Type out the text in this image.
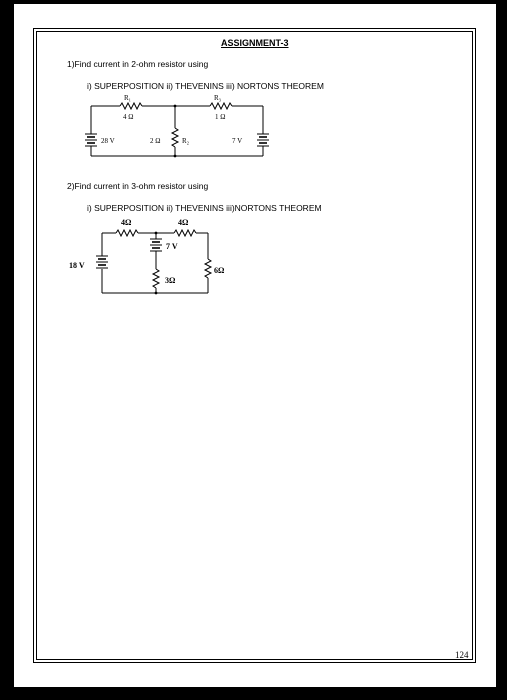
ASSIGNMENT-3
1)Find current in 2-ohm resistor using
i) SUPERPOSITION ii) THEVENINS iii) NORTONS THEOREM
R₁
4 Ω
R₃
1 Ω
2 Ω	R₂
28 V	7 V
2)Find current in 3-ohm resistor using
i) SUPERPOSITION ii) THEVENINS iii)NORTONS THEOREM
4Ω	4Ω
7 V
18 V
3Ω
6Ω
124
